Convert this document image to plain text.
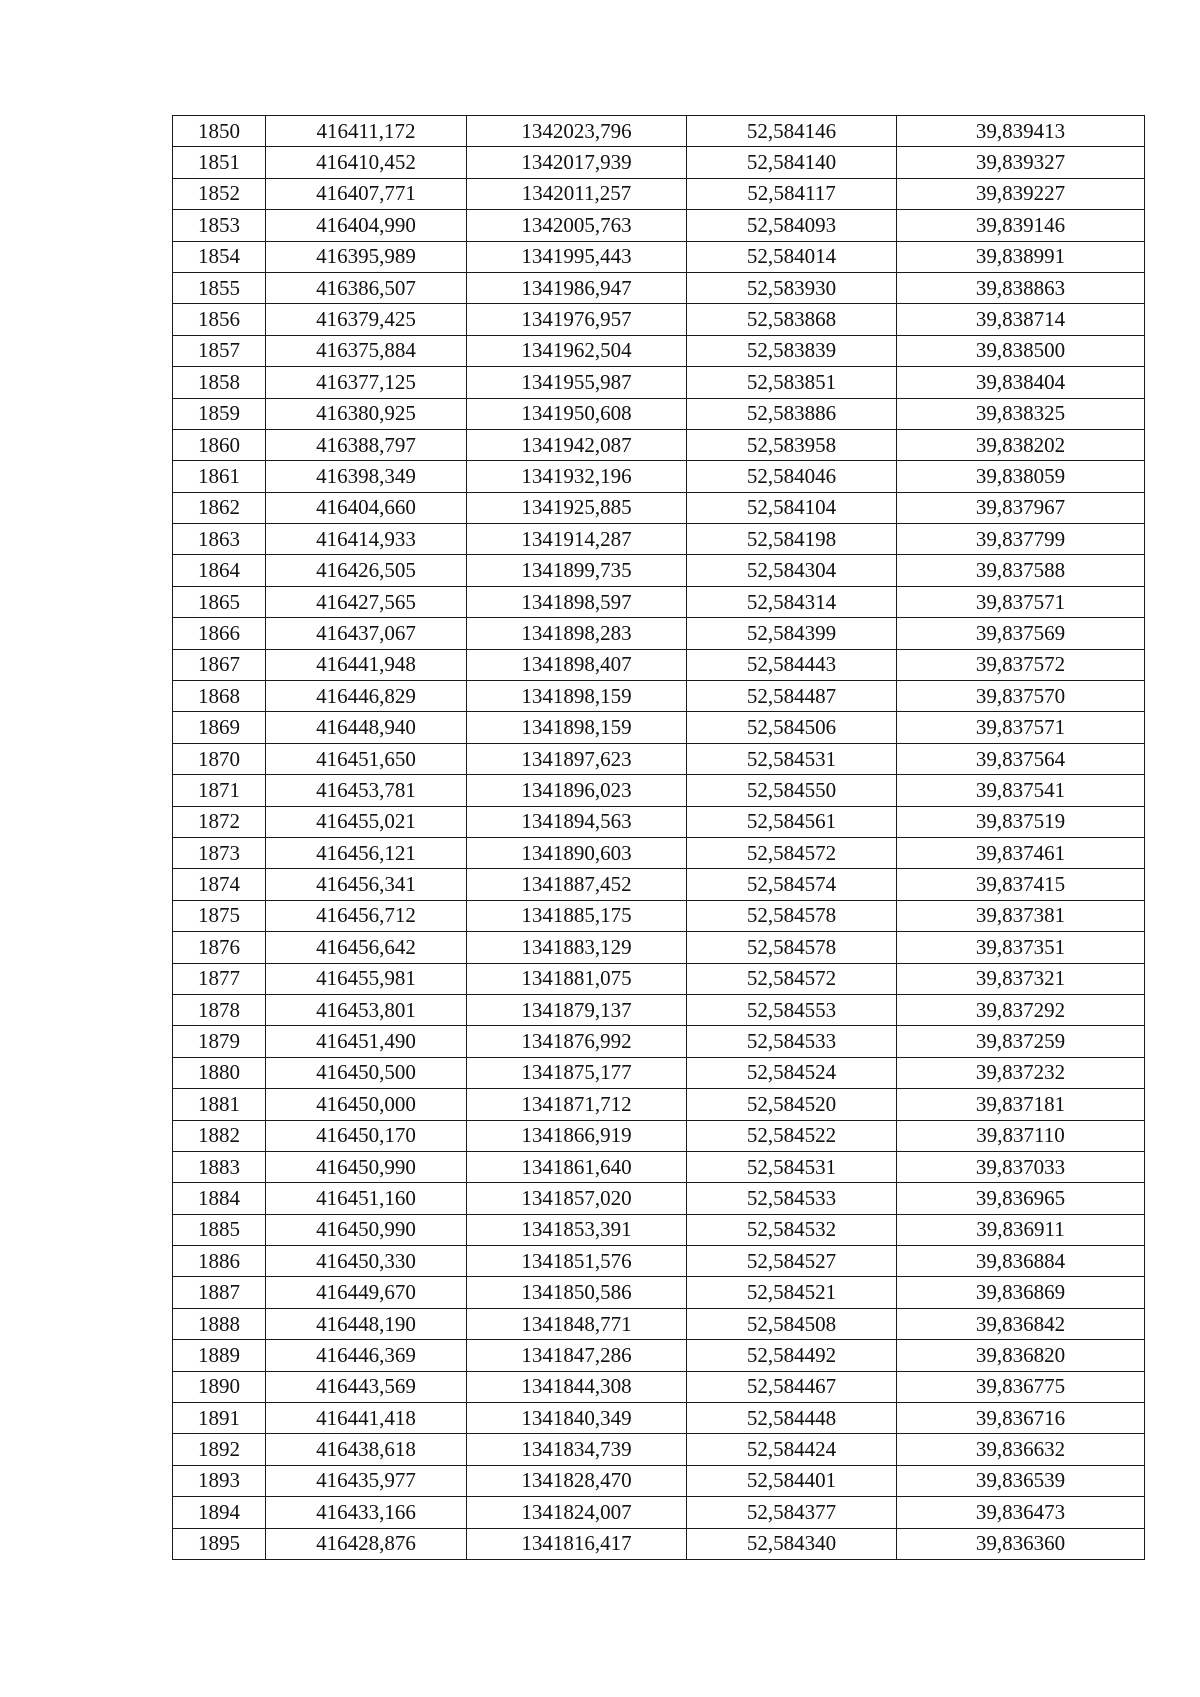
1850	416411,172	1342023,796	52,584146	39,839413
1851	416410,452	1342017,939	52,584140	39,839327
1852	416407,771	1342011,257	52,584117	39,839227
1853	416404,990	1342005,763	52,584093	39,839146
1854	416395,989	1341995,443	52,584014	39,838991
1855	416386,507	1341986,947	52,583930	39,838863
1856	416379,425	1341976,957	52,583868	39,838714
1857	416375,884	1341962,504	52,583839	39,838500
1858	416377,125	1341955,987	52,583851	39,838404
1859	416380,925	1341950,608	52,583886	39,838325
1860	416388,797	1341942,087	52,583958	39,838202
1861	416398,349	1341932,196	52,584046	39,838059
1862	416404,660	1341925,885	52,584104	39,837967
1863	416414,933	1341914,287	52,584198	39,837799
1864	416426,505	1341899,735	52,584304	39,837588
1865	416427,565	1341898,597	52,584314	39,837571
1866	416437,067	1341898,283	52,584399	39,837569
1867	416441,948	1341898,407	52,584443	39,837572
1868	416446,829	1341898,159	52,584487	39,837570
1869	416448,940	1341898,159	52,584506	39,837571
1870	416451,650	1341897,623	52,584531	39,837564
1871	416453,781	1341896,023	52,584550	39,837541
1872	416455,021	1341894,563	52,584561	39,837519
1873	416456,121	1341890,603	52,584572	39,837461
1874	416456,341	1341887,452	52,584574	39,837415
1875	416456,712	1341885,175	52,584578	39,837381
1876	416456,642	1341883,129	52,584578	39,837351
1877	416455,981	1341881,075	52,584572	39,837321
1878	416453,801	1341879,137	52,584553	39,837292
1879	416451,490	1341876,992	52,584533	39,837259
1880	416450,500	1341875,177	52,584524	39,837232
1881	416450,000	1341871,712	52,584520	39,837181
1882	416450,170	1341866,919	52,584522	39,837110
1883	416450,990	1341861,640	52,584531	39,837033
1884	416451,160	1341857,020	52,584533	39,836965
1885	416450,990	1341853,391	52,584532	39,836911
1886	416450,330	1341851,576	52,584527	39,836884
1887	416449,670	1341850,586	52,584521	39,836869
1888	416448,190	1341848,771	52,584508	39,836842
1889	416446,369	1341847,286	52,584492	39,836820
1890	416443,569	1341844,308	52,584467	39,836775
1891	416441,418	1341840,349	52,584448	39,836716
1892	416438,618	1341834,739	52,584424	39,836632
1893	416435,977	1341828,470	52,584401	39,836539
1894	416433,166	1341824,007	52,584377	39,836473
1895	416428,876	1341816,417	52,584340	39,836360
